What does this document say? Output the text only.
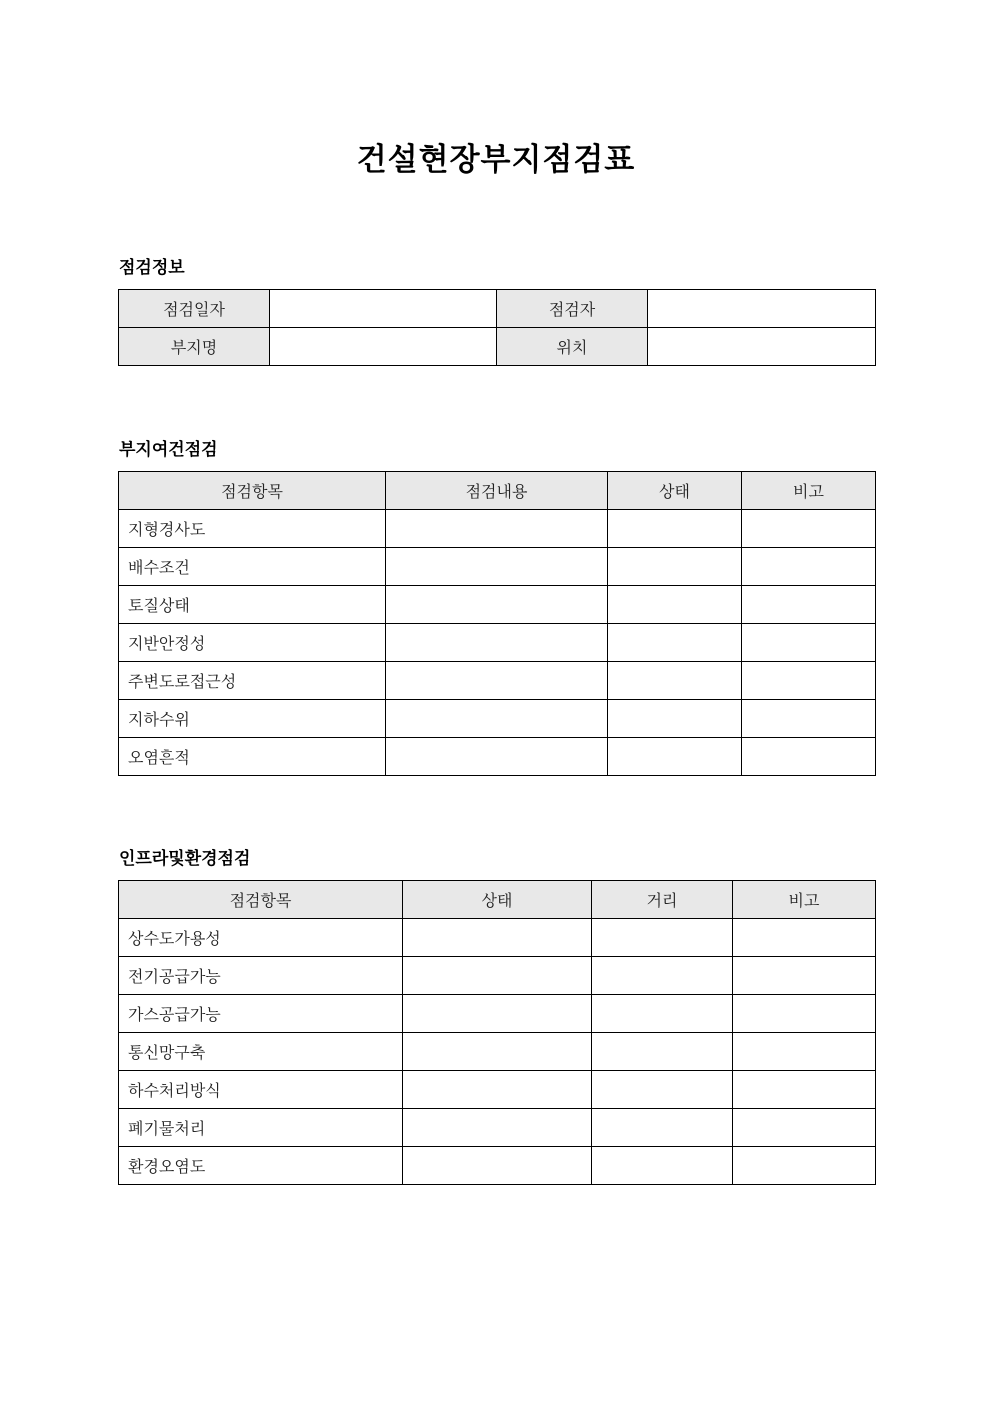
건설현장부지점검표
점검정보
점검일자		점검자	
부지명		위치	
부지여건점검
점검항목	점검내용	상태	비고
지형경사도			
배수조건			
토질상태			
지반안정성			
주변도로접근성			
지하수위			
오염흔적			
인프라및환경점검
점검항목	상태	거리	비고
상수도가용성			
전기공급가능			
가스공급가능			
통신망구축			
하수처리방식			
폐기물처리			
환경오염도			
